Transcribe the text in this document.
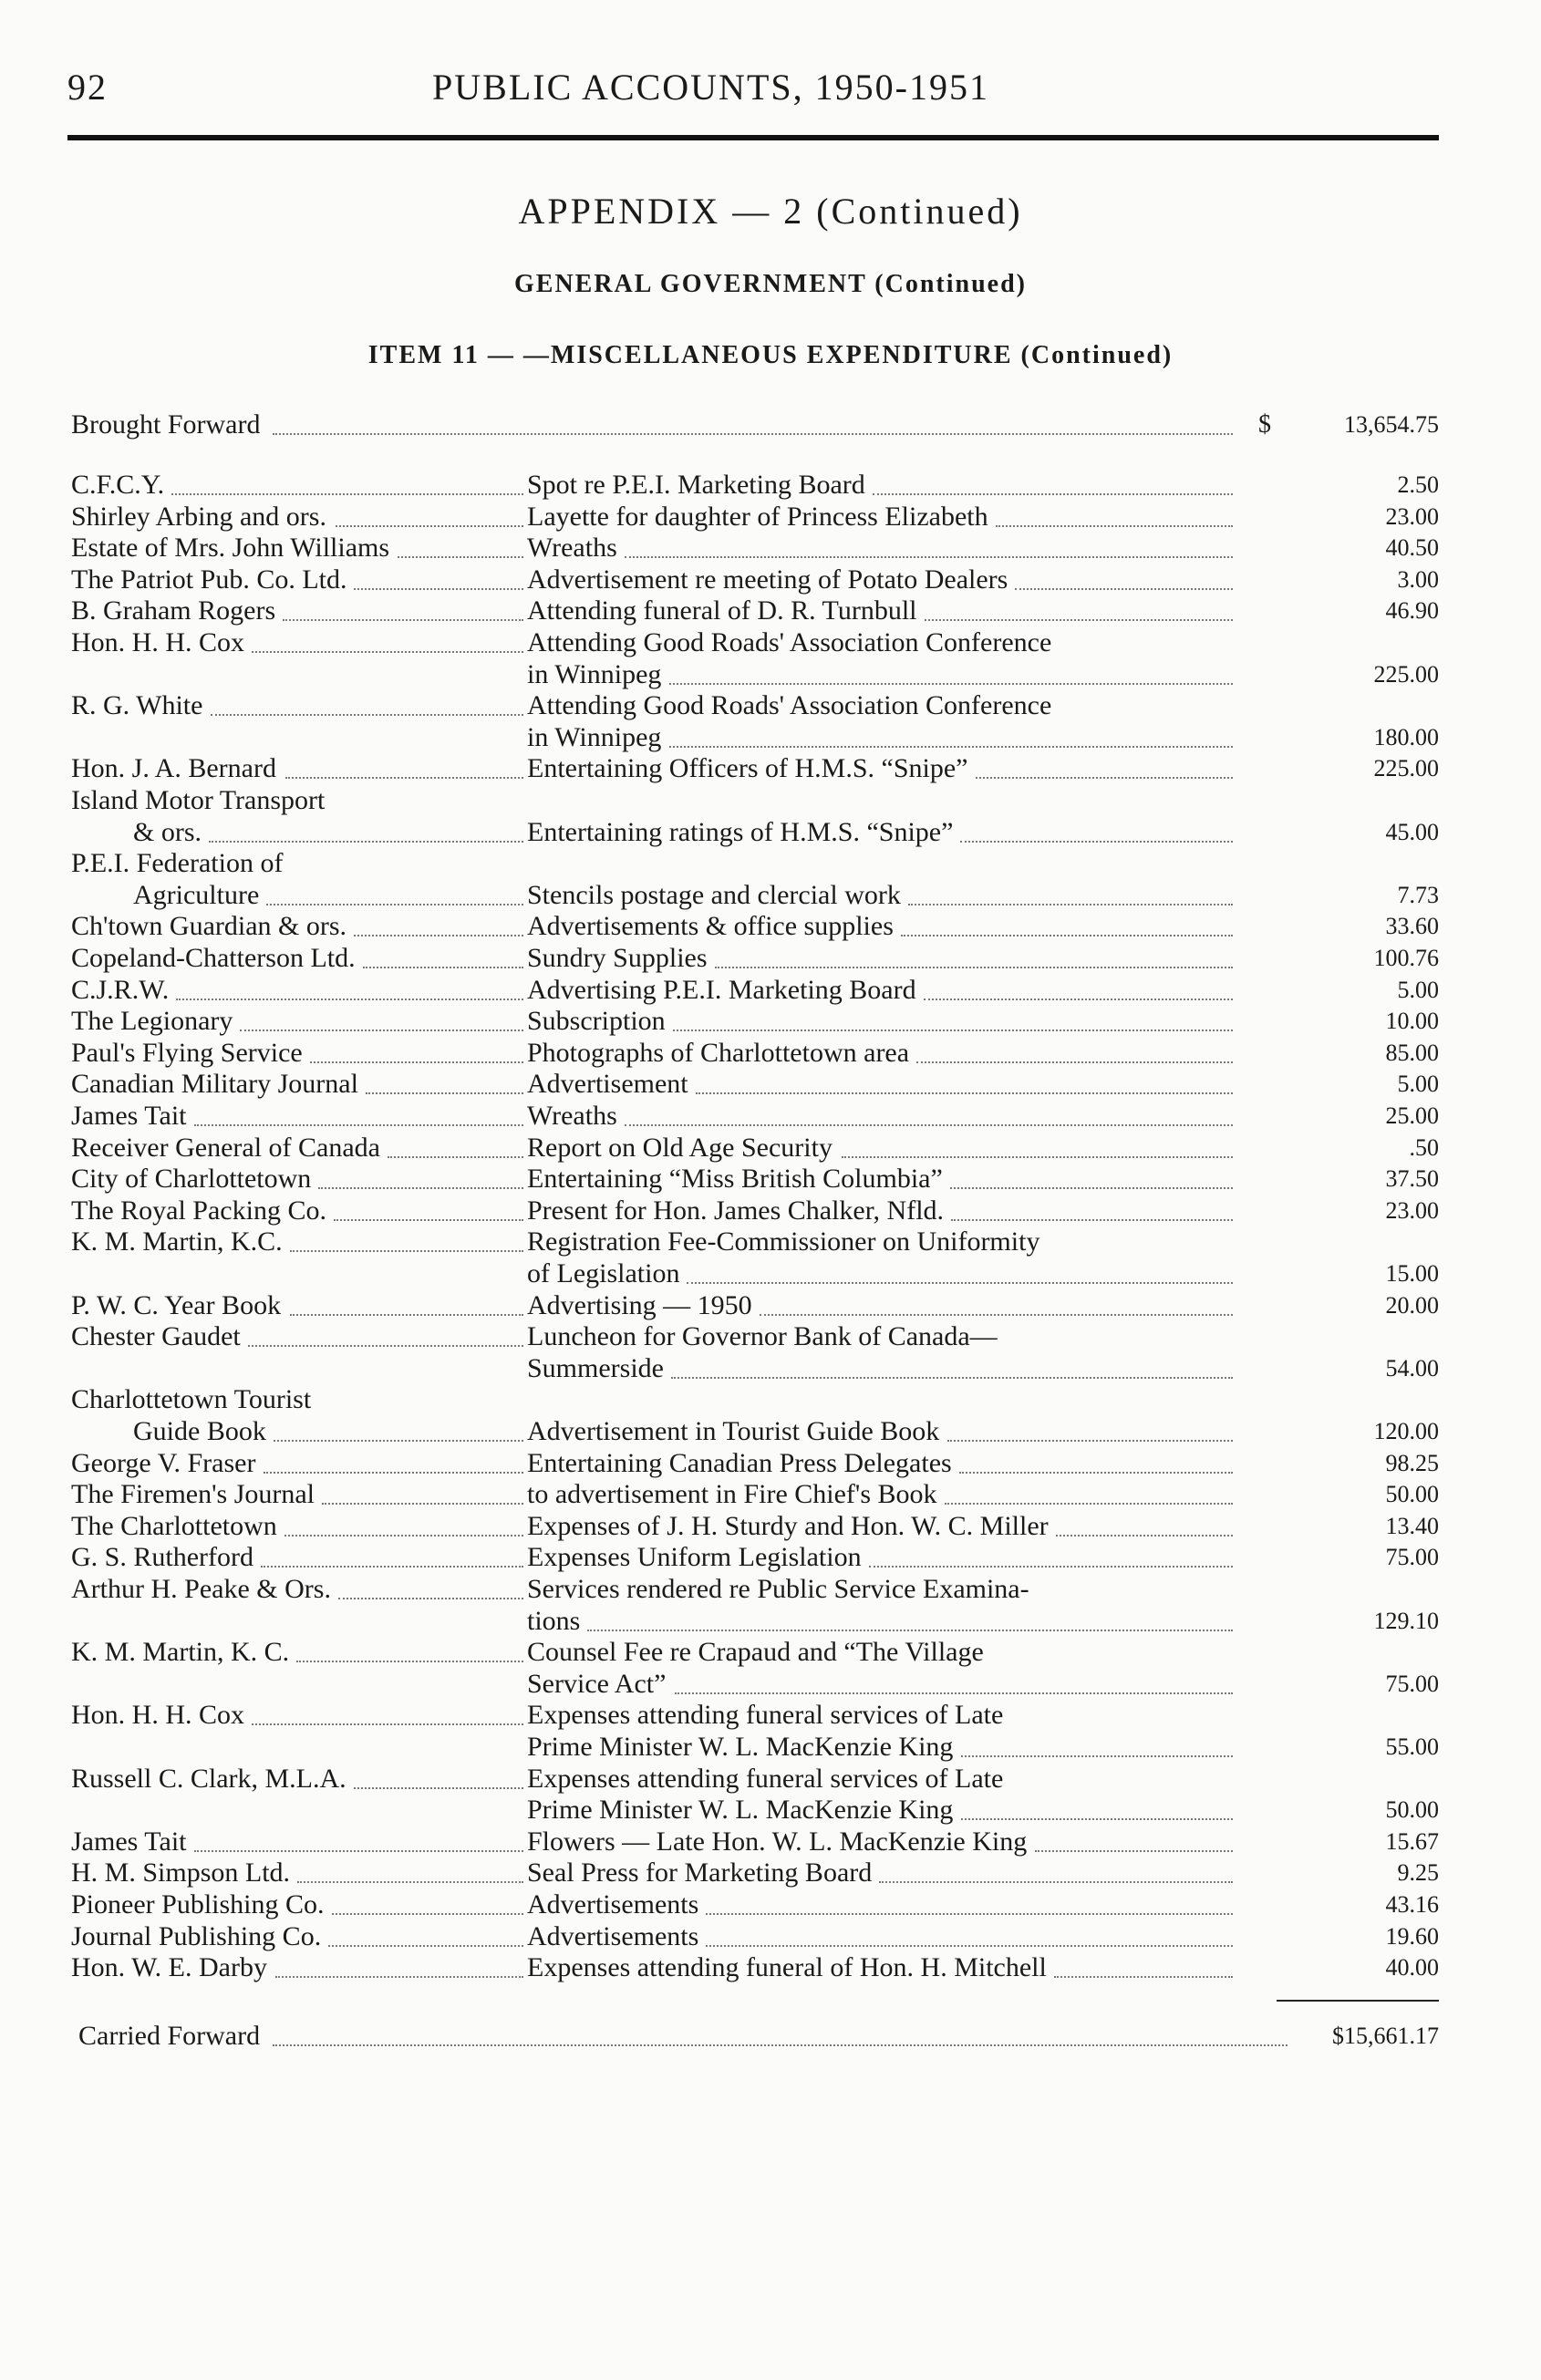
92	PUBLIC ACCOUNTS, 1950-1951
APPENDIX — 2 (Continued)
GENERAL GOVERNMENT (Continued)
ITEM 11 — —MISCELLANEOUS EXPENDITURE (Continued)
Brought Forward	$	13,654.75
C.F.C.Y.	Spot re P.E.I. Marketing Board	2.50
Shirley Arbing and ors.	Layette for daughter of Princess Elizabeth	23.00
Estate of Mrs. John Williams	Wreaths	40.50
The Patriot Pub. Co. Ltd.	Advertisement re meeting of Potato Dealers	3.00
B. Graham Rogers	Attending funeral of D. R. Turnbull	46.90
Hon. H. H. Cox	Attending Good Roads' Association Conference
in Winnipeg	225.00
R. G. White	Attending Good Roads' Association Conference
in Winnipeg	180.00
Hon. J. A. Bernard	Entertaining Officers of H.M.S. “Snipe”	225.00
Island Motor Transport
& ors.	Entertaining ratings of H.M.S. “Snipe”	45.00
P.E.I. Federation of
Agriculture	Stencils postage and clercial work	7.73
Ch'town Guardian & ors.	Advertisements & office supplies	33.60
Copeland-Chatterson Ltd.	Sundry Supplies	100.76
C.J.R.W.	Advertising P.E.I. Marketing Board	5.00
The Legionary	Subscription	10.00
Paul's Flying Service	Photographs of Charlottetown area	85.00
Canadian Military Journal	Advertisement	5.00
James Tait	Wreaths	25.00
Receiver General of Canada	Report on Old Age Security	.50
City of Charlottetown	Entertaining “Miss British Columbia”	37.50
The Royal Packing Co.	Present for Hon. James Chalker, Nfld.	23.00
K. M. Martin, K.C.	Registration Fee-Commissioner on Uniformity
of Legislation	15.00
P. W. C. Year Book	Advertising — 1950	20.00
Chester Gaudet	Luncheon for Governor Bank of Canada—
Summerside	54.00
Charlottetown Tourist
Guide Book	Advertisement in Tourist Guide Book	120.00
George V. Fraser	Entertaining Canadian Press Delegates	98.25
The Firemen's Journal	to advertisement in Fire Chief's Book	50.00
The Charlottetown	Expenses of J. H. Sturdy and Hon. W. C. Miller	13.40
G. S. Rutherford	Expenses Uniform Legislation	75.00
Arthur H. Peake & Ors.	Services rendered re Public Service Examina-
tions	129.10
K. M. Martin, K. C.	Counsel Fee re Crapaud and “The Village
Service Act”	75.00
Hon. H. H. Cox	Expenses attending funeral services of Late
Prime Minister W. L. MacKenzie King	55.00
Russell C. Clark, M.L.A.	Expenses attending funeral services of Late
Prime Minister W. L. MacKenzie King	50.00
James Tait	Flowers — Late Hon. W. L. MacKenzie King	15.67
H. M. Simpson Ltd.	Seal Press for Marketing Board	9.25
Pioneer Publishing Co.	Advertisements	43.16
Journal Publishing Co.	Advertisements	19.60
Hon. W. E. Darby	Expenses attending funeral of Hon. H. Mitchell	40.00
Carried Forward	$15,661.17
